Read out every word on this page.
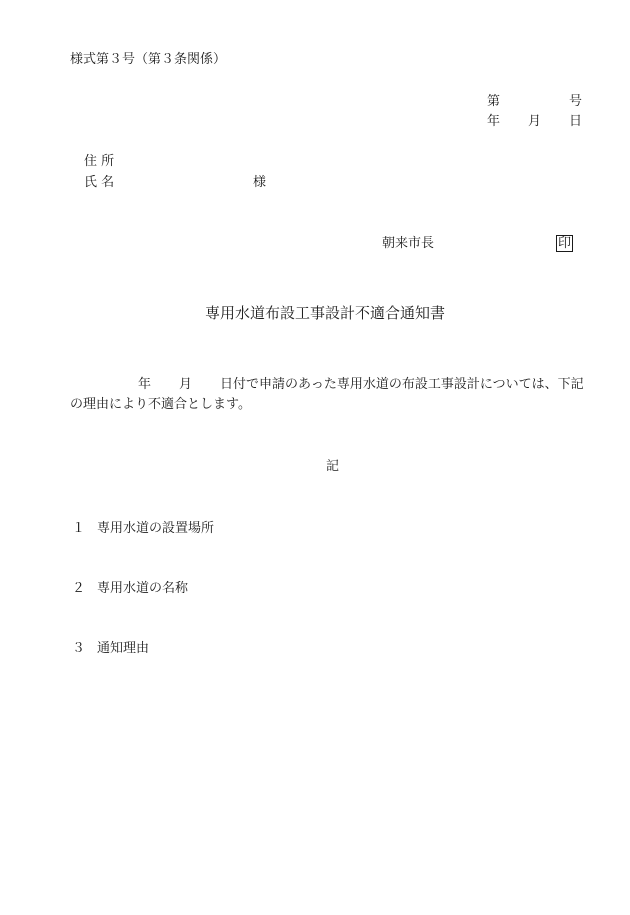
様式第３号（第３条関係）
第	号
年 月 日
住 所
氏 名	様
朝来市長	印
専用水道布設工事設計不適合通知書
年 月 日付で申請のあった専用水道の布設工事設計については、下記
の理由により不適合とします。
記
１ 専用水道の設置場所
２ 専用水道の名称
３ 通知理由
